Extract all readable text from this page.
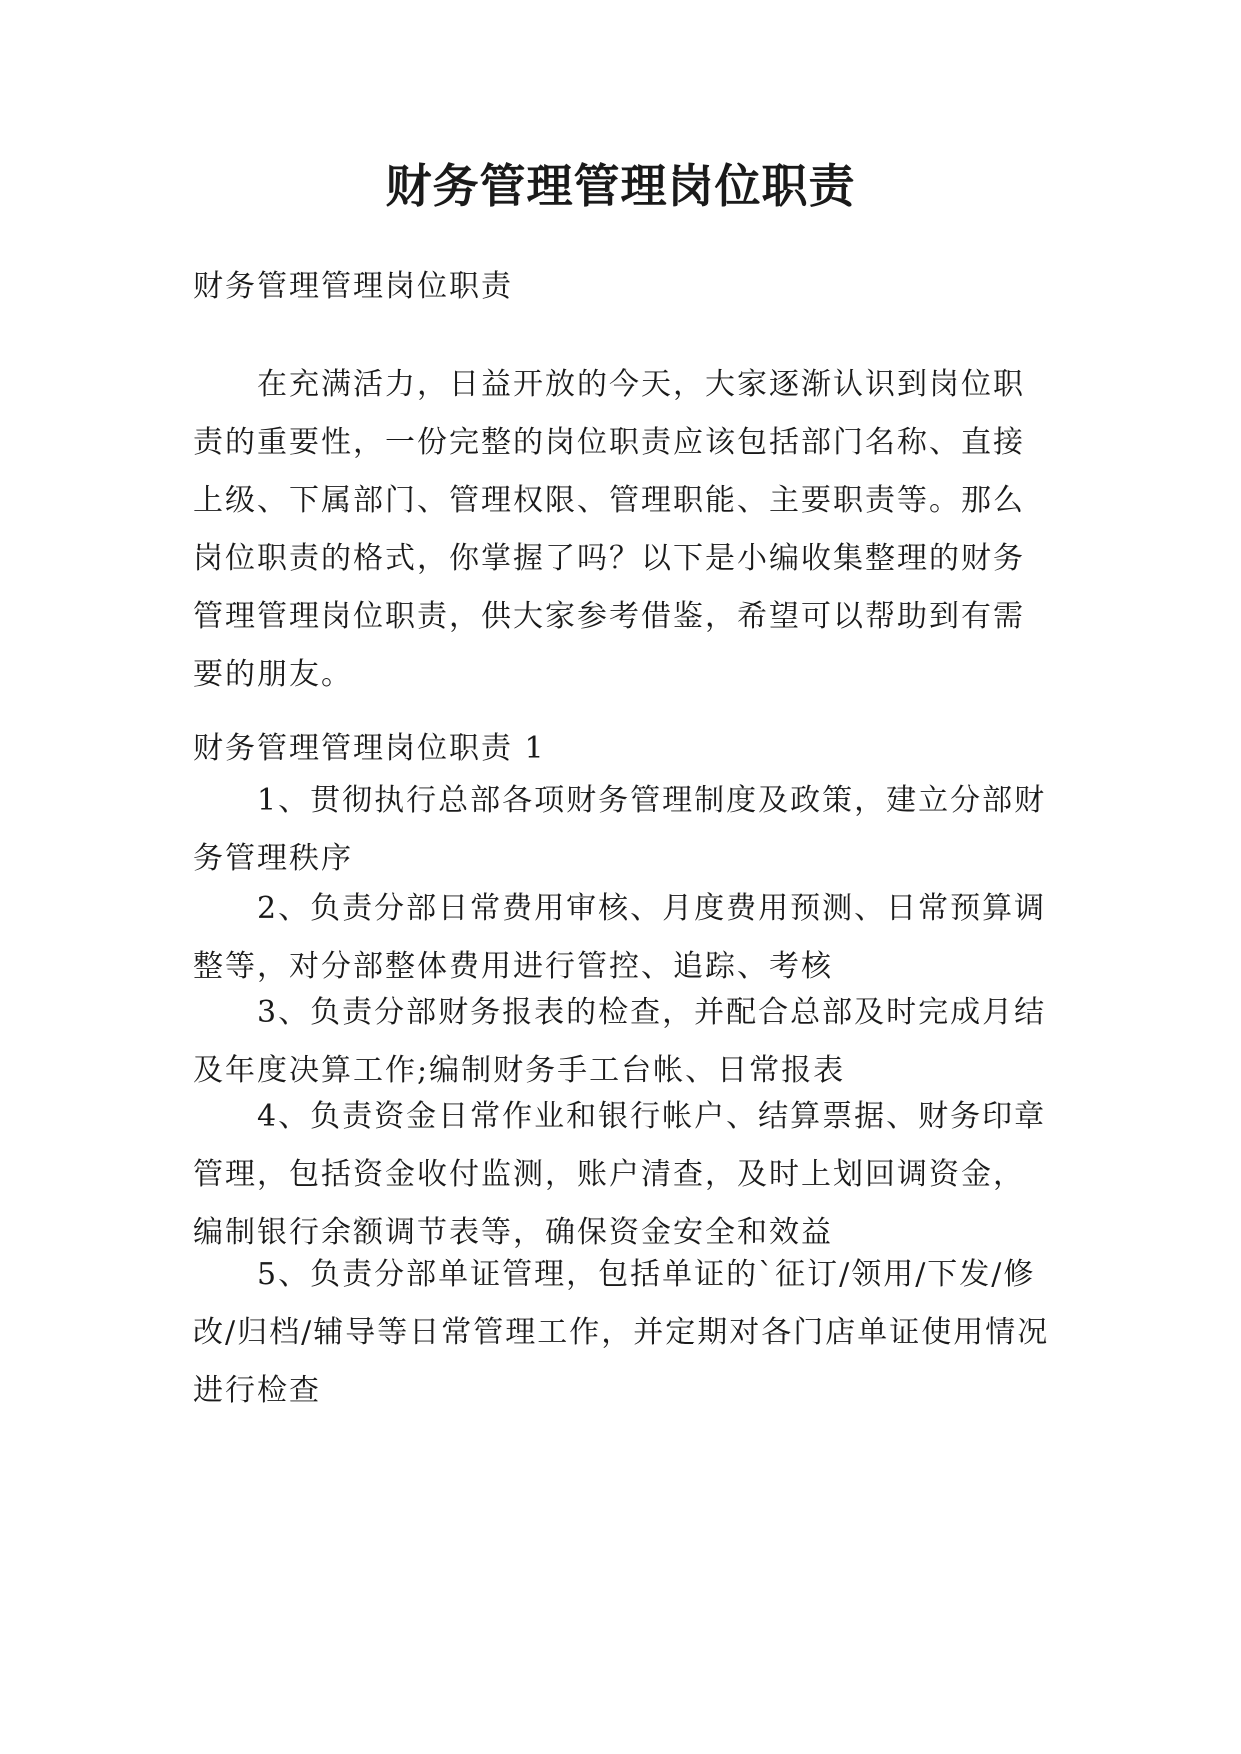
财务管理管理岗位职责

财务管理管理岗位职责

在充满活力，日益开放的今天，大家逐渐认识到岗位职责的重要性，一份完整的岗位职责应该包括部门名称、直接上级、下属部门、管理权限、管理职能、主要职责等。那么岗位职责的格式，你掌握了吗？以下是小编收集整理的财务管理管理岗位职责，供大家参考借鉴，希望可以帮助到有需要的朋友。

财务管理管理岗位职责 1

1、贯彻执行总部各项财务管理制度及政策，建立分部财务管理秩序

2、负责分部日常费用审核、月度费用预测、日常预算调整等，对分部整体费用进行管控、追踪、考核

3、负责分部财务报表的检查，并配合总部及时完成月结及年度决算工作;编制财务手工台帐、日常报表

4、负责资金日常作业和银行帐户、结算票据、财务印章管理，包括资金收付监测，账户清查，及时上划回调资金，编制银行余额调节表等，确保资金安全和效益

5、负责分部单证管理，包括单证的`征订/领用/下发/修改/归档/辅导等日常管理工作，并定期对各门店单证使用情况进行检查
